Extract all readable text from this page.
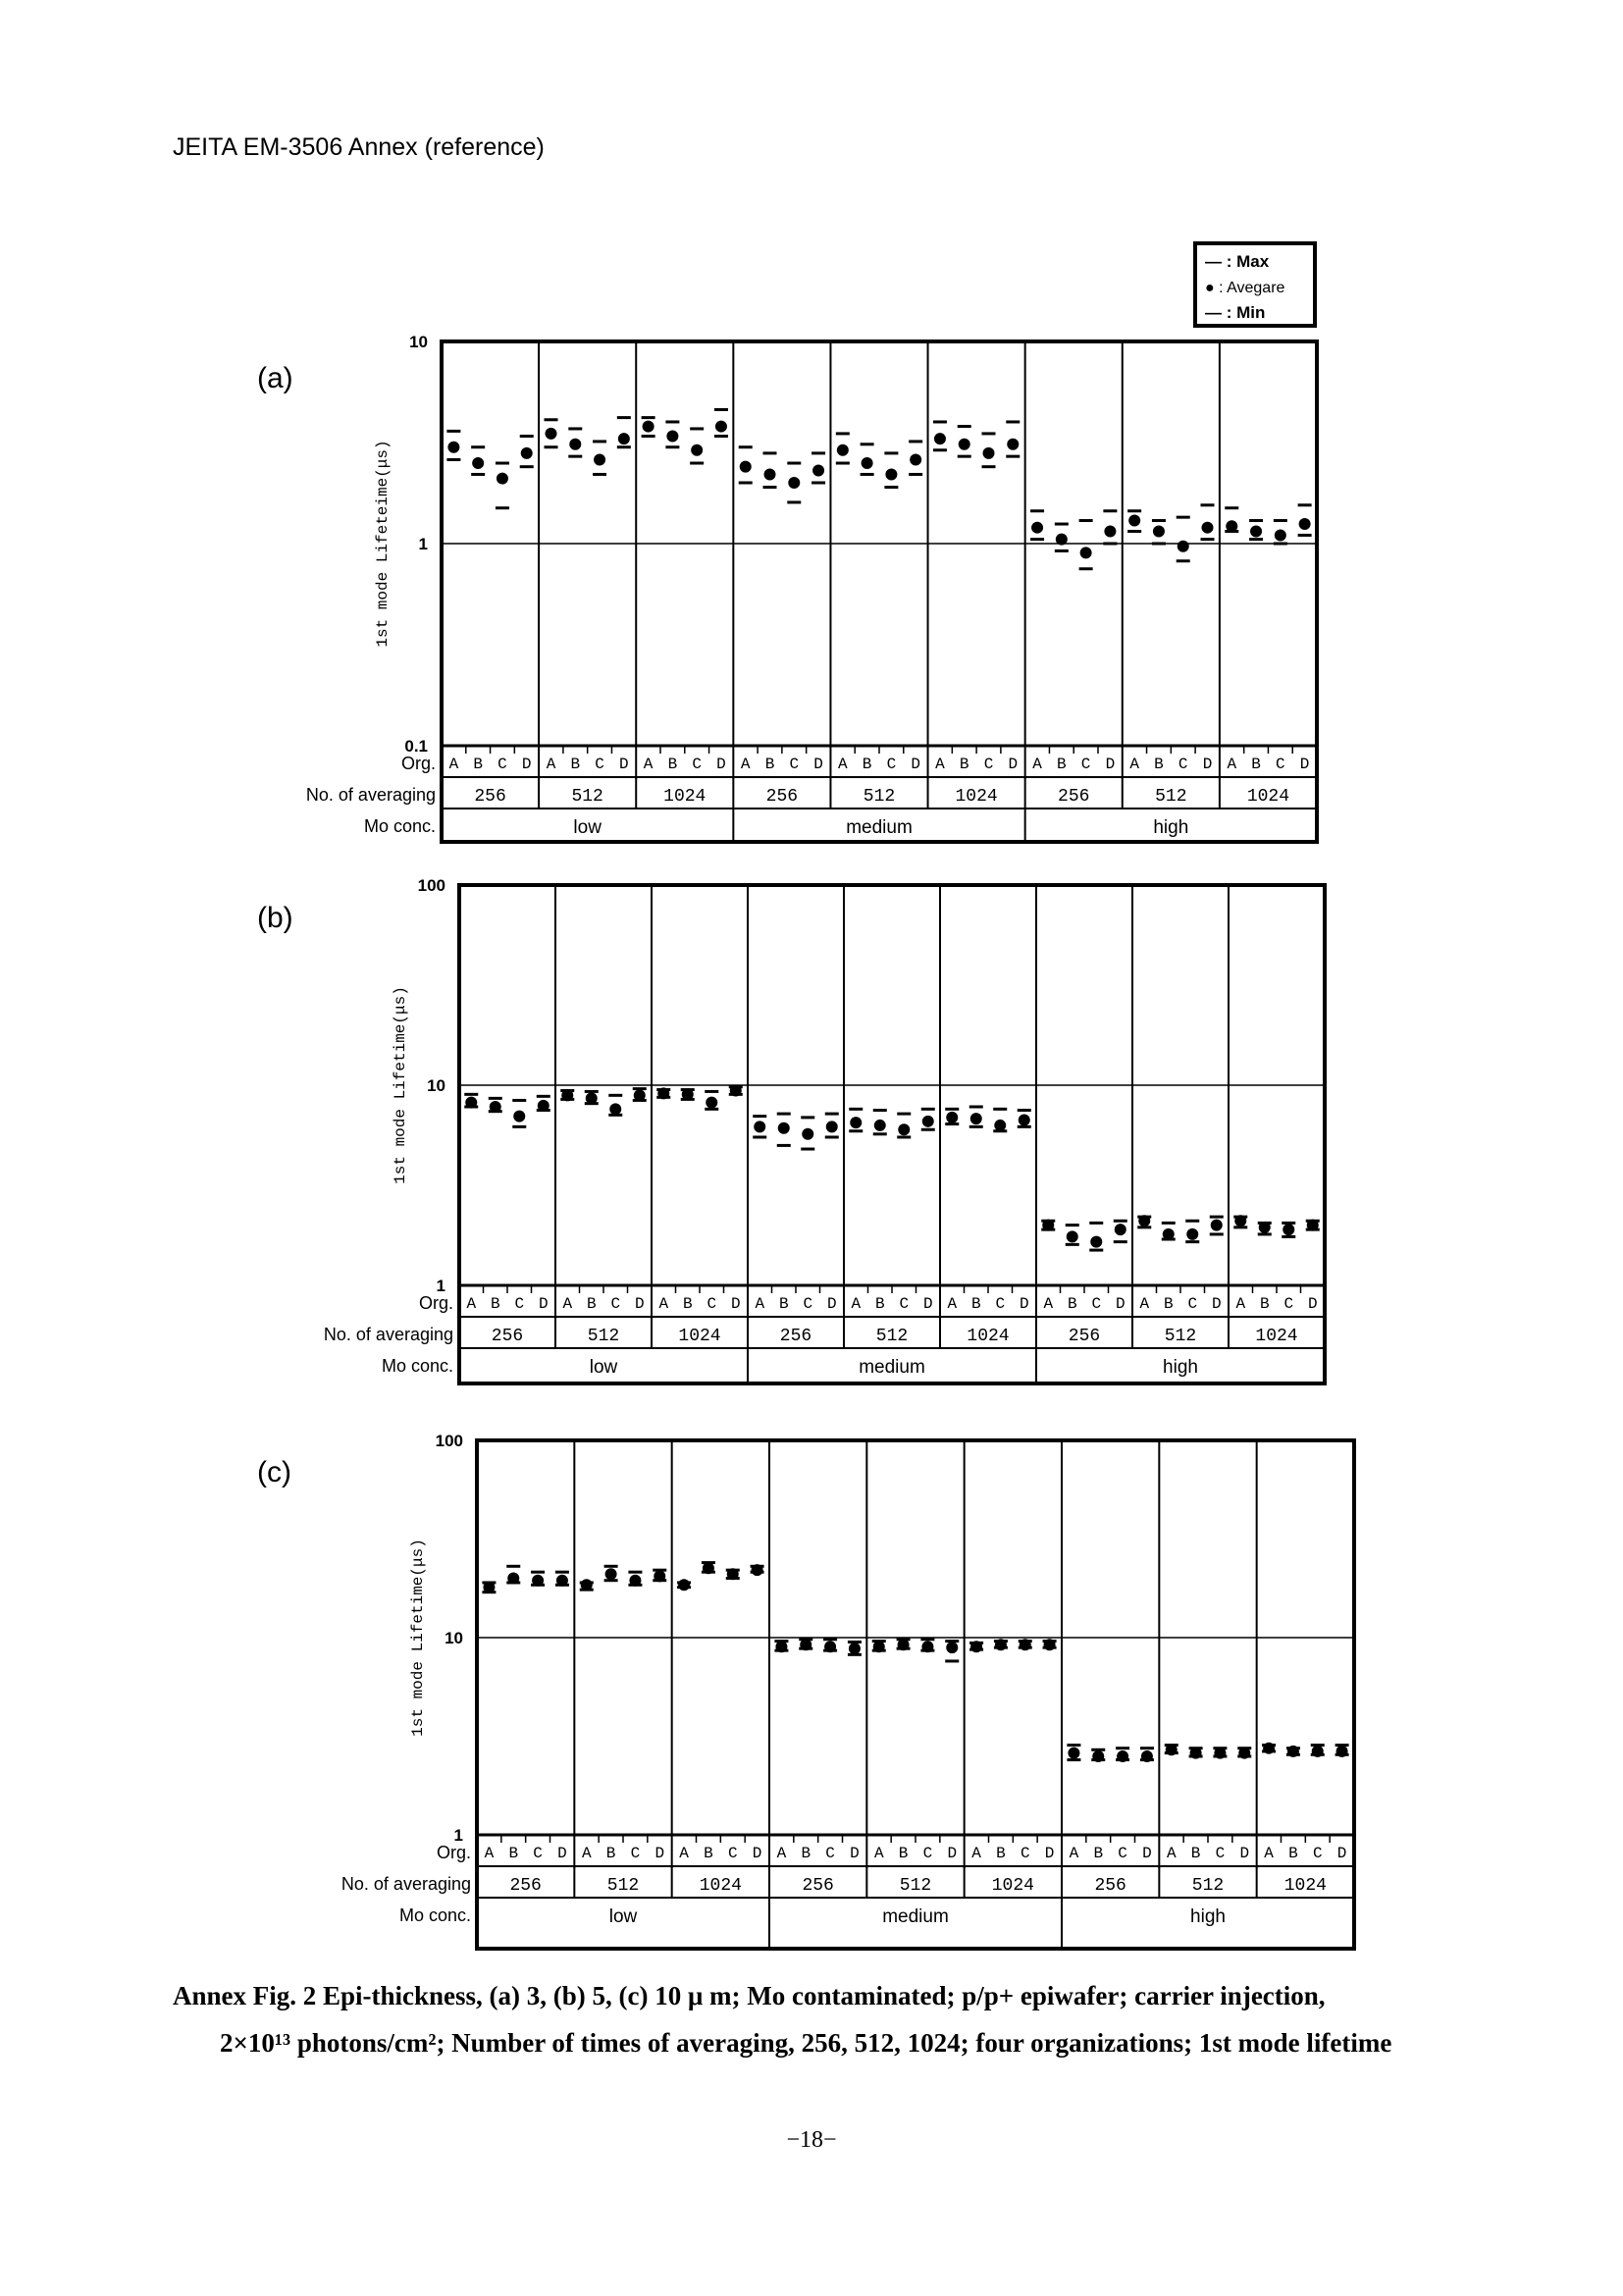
JEITA EM-3506 Annex (reference)
— : Max
● : Avegare
— : Min
(a)
10
1
0.1
1st mode Lifeteime(μs)
Org.
No. of averaging
Mo conc.
A B C D
256
A B C D
512
A B C D
1024
A B C D
256
A B C D
512
A B C D
1024
A B C D
256
A B C D
512
A B C D
1024
low	medium	high
(b)
100
10
1
1st mode Lifetime(μs)
Org.
No. of averaging
Mo conc.
A B C D
256
A B C D
512
A B C D
1024
A B C D
256
A B C D
512
A B C D
1024
A B C D
256
A B C D
512
A B C D
1024
low	medium	high
(c)
100
10
1
1st mode Lifetime(μs)
Org.
No. of averaging
Mo conc.
A B C D
256
A B C D
512
A B C D
1024
A B C D
256
A B C D
512
A B C D
1024
A B C D
256
A B C D
512
A B C D
1024
low	medium	high
Annex Fig. 2 Epi-thickness, (a) 3, (b) 5, (c) 10 μ m; Mo contaminated; p/p+ epiwafer; carrier injection,
2×10¹³ photons/cm²; Number of times of averaging, 256, 512, 1024; four organizations; 1st mode lifetime
−18−
